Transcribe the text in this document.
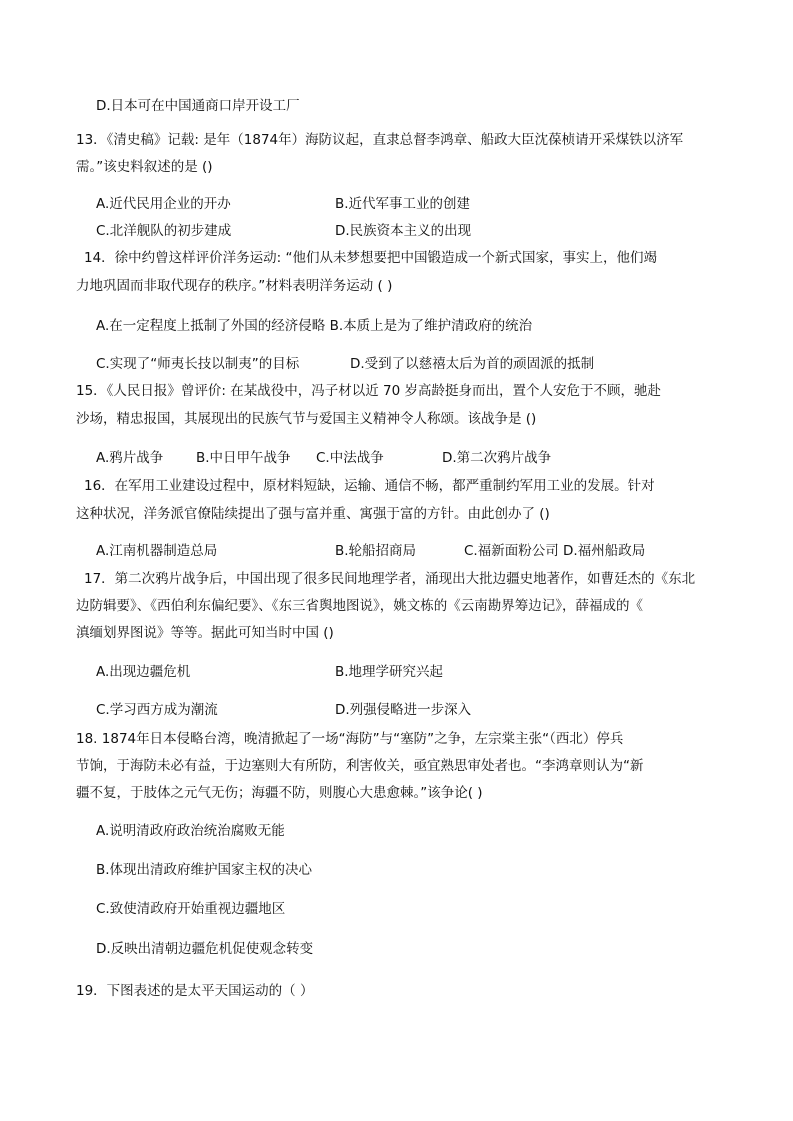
D.日本可在中国通商口岸开设工厂
13．《清史稿》记载: 是年（1874年）海防议起，直隶总督李鸿章、船政大臣沈葆桢请开采煤铁以济军
需。”该史料叙述的是 ()
A.近代民用企业的开办	B.近代军事工业的创建
C.北洋舰队的初步建成	D.民族资本主义的出现
14．徐中约曾这样评价洋务运动: “他们从未梦想要把中国锻造成一个新式国家，事实上，他们竭
力地巩固而非取代现存的秩序。”材料表明洋务运动 ( )
A.在一定程度上抵制了外国的经济侵略 B.本质上是为了维护清政府的统治
C.实现了“师夷长技以制夷”的目标	D.受到了以慈禧太后为首的顽固派的抵制
15．《人民日报》曾评价: 在某战役中，冯子材以近 70 岁高龄挺身而出，置个人安危于不顾，驰赴
沙场，精忠报国，其展现出的民族气节与爱国主义精神令人称颂。该战争是 ()
A.鸦片战争 B.中日甲午战争 C.中法战争	D.第二次鸦片战争
16．在军用工业建设过程中，原材料短缺，运输、通信不畅，都严重制约军用工业的发展。针对
这种状况，洋务派官僚陆续提出了强与富并重、寓强于富的方针。由此创办了 ()
A.江南机器制造总局	B.轮船招商局	C.福新面粉公司 D.福州船政局
17．第二次鸦片战争后，中国出现了很多民间地理学者，涌现出大批边疆史地著作，如曹廷杰的《东北
边防辑要》、《西伯利东偏纪要》、《东三省舆地图说》，姚文栋的《云南勘界筹边记》，薛福成的《
滇缅划界图说》等等。据此可知当时中国 ()
A.出现边疆危机	B.地理学研究兴起
C.学习西方成为潮流	D.列强侵略进一步深入
18. 1874年日本侵略台湾，晚清掀起了一场“海防”与“塞防”之争，左宗棠主张“（西北）停兵
节饷，于海防未必有益，于边塞则大有所防，利害攸关，亟宜熟思审处者也。“李鸿章则认为“新
疆不复，于肢体之元气无伤；海疆不防，则腹心大患愈棘。”该争论( )
A.说明清政府政治统治腐败无能
B.体现出清政府维护国家主权的决心
C.致使清政府开始重视边疆地区
D.反映出清朝边疆危机促使观念转变
19．下图表述的是太平天国运动的（ ）
